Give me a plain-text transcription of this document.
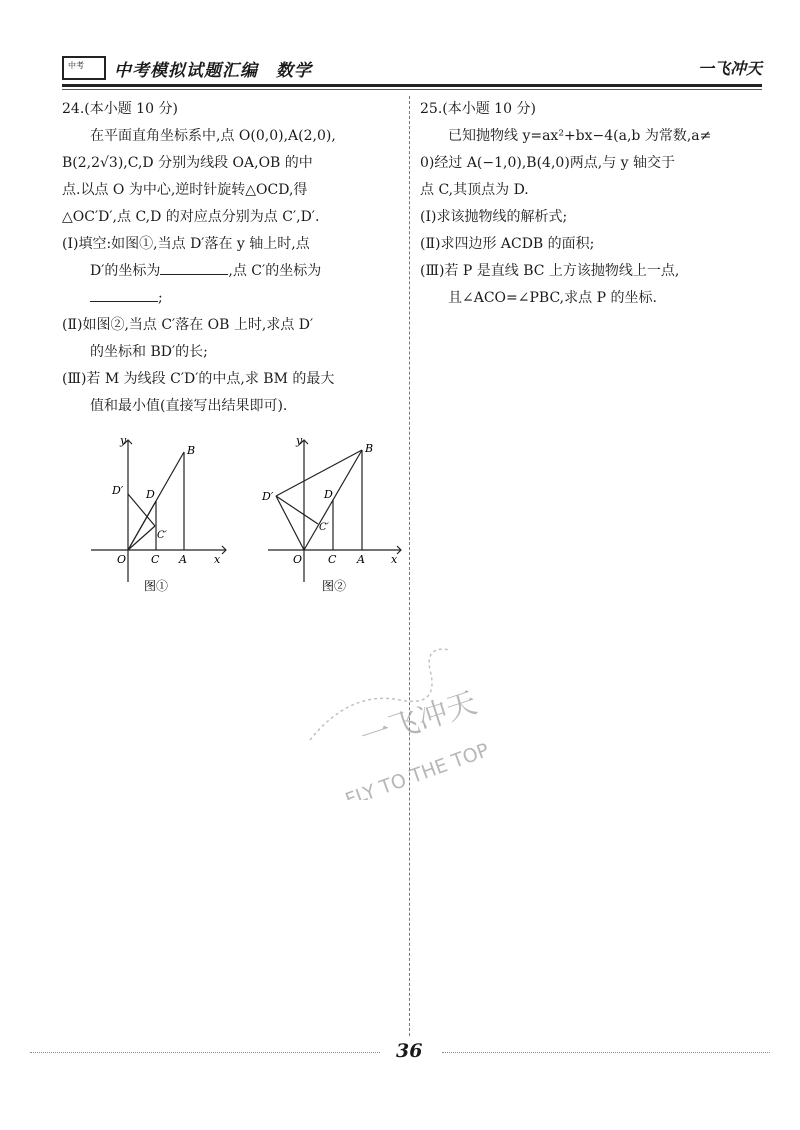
中考 中考模拟试题汇编　数学	一飞冲天

24.(本小题 10 分)

在平面直角坐标系中,点 O(0,0),A(2,0),

B(2,2√3),C,D 分别为线段 OA,OB 的中

点.以点 O 为中心,逆时针旋转△OCD,得

△OC′D′,点 C,D 的对应点分别为点 C′,D′.

(Ⅰ)填空:如图①,当点 D′落在 y 轴上时,点

D′的坐标为	,点 C′的坐标为

;

(Ⅱ)如图②,当点 C′落在 OB 上时,求点 D′

的坐标和 BD′的长;

(Ⅲ)若 M 为线段 C′D′的中点,求 BM 的最大

值和最小值(直接写出结果即可).

y
x
O C A
B
D
D′
C′
图①
y
x
O C A
B
D
D′
C′
图②

25.(本小题 10 分)

已知抛物线 y=ax²+bx−4(a,b 为常数,a≠

0)经过 A(−1,0),B(4,0)两点,与 y 轴交于

点 C,其顶点为 D.

(Ⅰ)求该抛物线的解析式;

(Ⅱ)求四边形 ACDB 的面积;

(Ⅲ)若 P 是直线 BC 上方该抛物线上一点,

且∠ACO=∠PBC,求点 P 的坐标.

一飞冲天
FLY TO THE TOP
36
